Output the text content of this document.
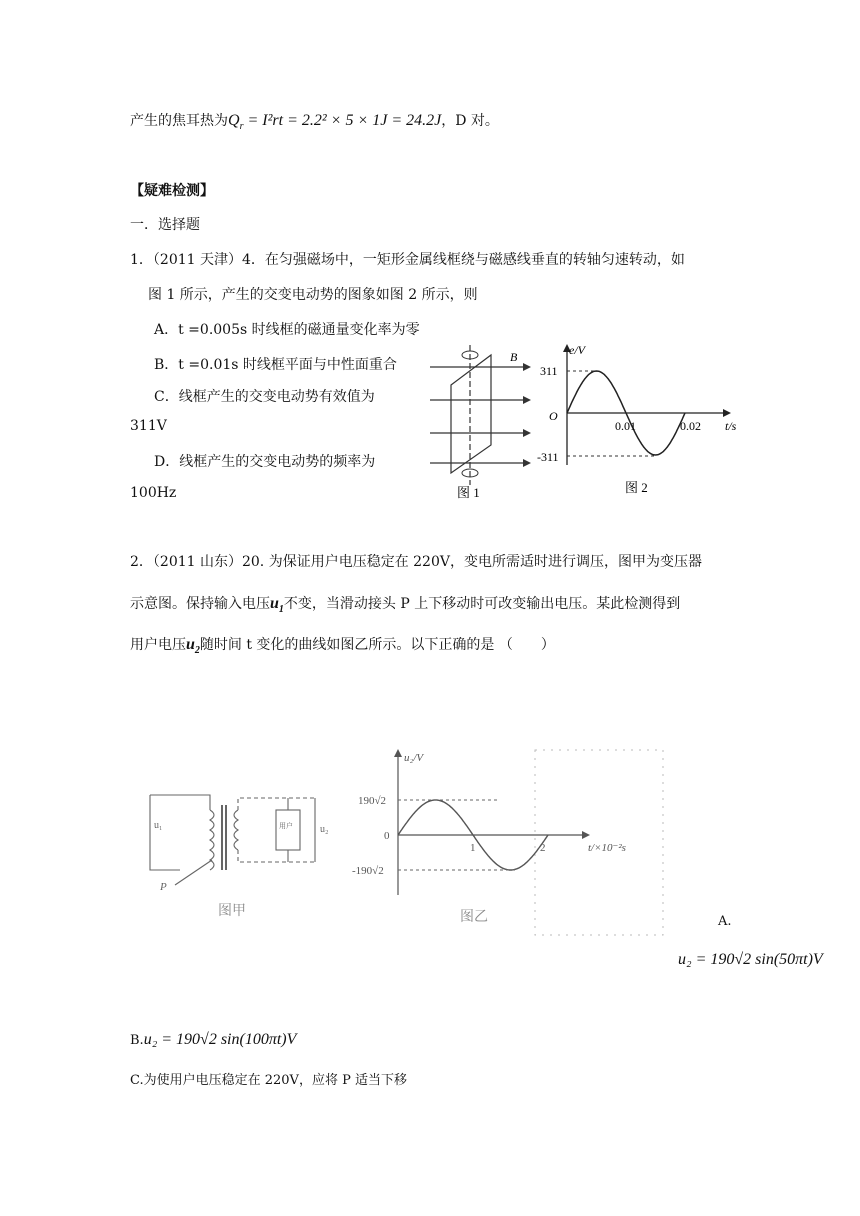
产生的焦耳热为$Q_r = I^2rt = 2.2^2 \times 5 \times 1J = 24.2J$，D 对。
【疑难检测】
一．选择题
1．（2011 天津）4．在匀强磁场中，一矩形金属线框绕与磁感线垂直的转轴匀速转动，如
图 1 所示，产生的交变电动势的图象如图 2 所示，则
A．t =0.005s 时线框的磁通量变化率为零
B．t =0.01s 时线框平面与中性面重合
C．线框产生的交变电动势有效值为
311V
D．线框产生的交变电动势的频率为
100Hz
B
图 1
e/V
t/s
O
311
-311
0.01	0.02
图 2
2．（2011 山东）20. 为保证用户电压稳定在 220V，变电所需适时进行调压，图甲为变压器
示意图。保持输入电压$u_1$不变，当滑动接头 P 上下移动时可改变输出电压。某此检测得到
用户电压$u_2$随时间 t 变化的曲线如图乙所示。以下正确的是 （　　）
u₁
P
用户	u₂
图甲
u₂/V
t/×10⁻²s
0
190√2
-190√2
1	2
图乙	A.
u₂ = 190√2 sin(50πt)V
B.u₂ = 190√2 sin(100πt)V
C.为使用户电压稳定在 220V，应将 P 适当下移
